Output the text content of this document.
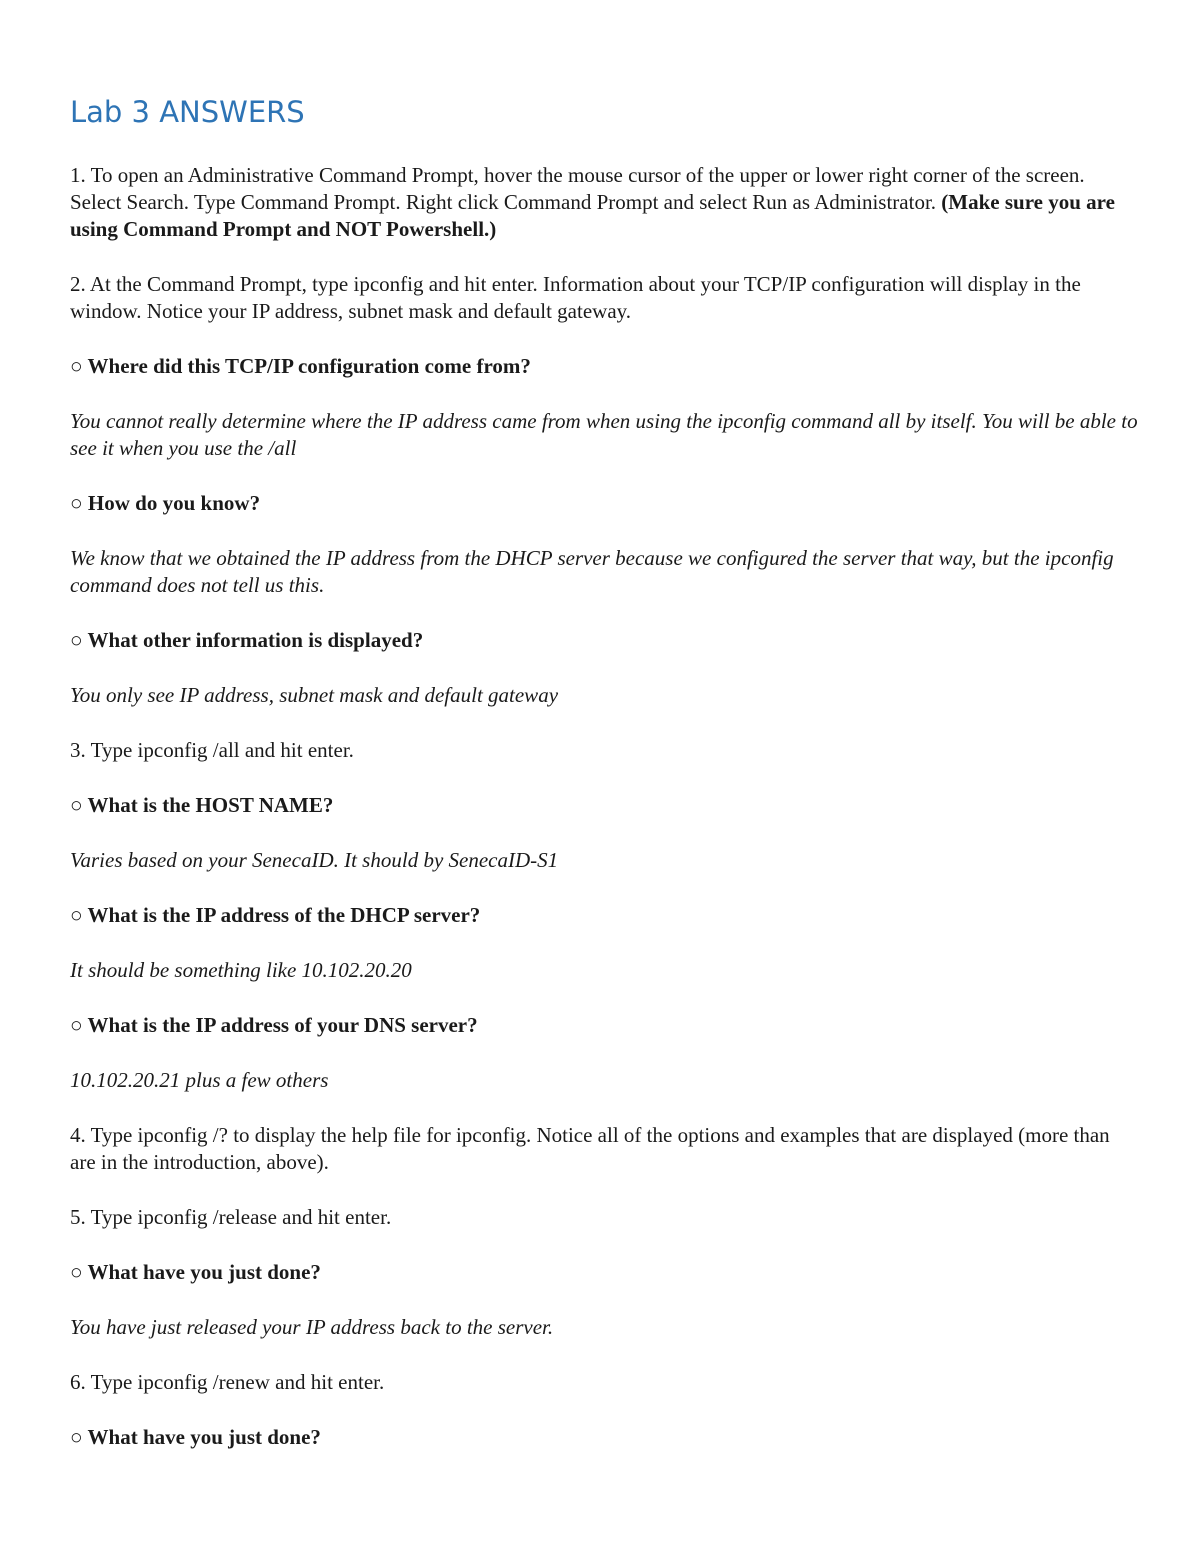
Lab 3 ANSWERS

1. To open an Administrative Command Prompt, hover the mouse cursor of the upper or lower right corner of the screen. Select Search. Type Command Prompt. Right click Command Prompt and select Run as Administrator. (Make sure you are using Command Prompt and NOT Powershell.)

2. At the Command Prompt, type ipconfig and hit enter. Information about your TCP/IP configuration will display in the window. Notice your IP address, subnet mask and default gateway.

○ Where did this TCP/IP configuration come from?

You cannot really determine where the IP address came from when using the ipconfig command all by itself. You will be able to see it when you use the /all

○ How do you know?

We know that we obtained the IP address from the DHCP server because we configured the server that way, but the ipconfig command does not tell us this.

○ What other information is displayed?

You only see IP address, subnet mask and default gateway

3. Type ipconfig /all and hit enter.

○ What is the HOST NAME?

Varies based on your SenecaID. It should by SenecaID-S1

○ What is the IP address of the DHCP server?

It should be something like 10.102.20.20

○ What is the IP address of your DNS server?

10.102.20.21 plus a few others

4. Type ipconfig /? to display the help file for ipconfig. Notice all of the options and examples that are displayed (more than are in the introduction, above).

5. Type ipconfig /release and hit enter.

○ What have you just done?

You have just released your IP address back to the server.

6. Type ipconfig /renew and hit enter.

○ What have you just done?
